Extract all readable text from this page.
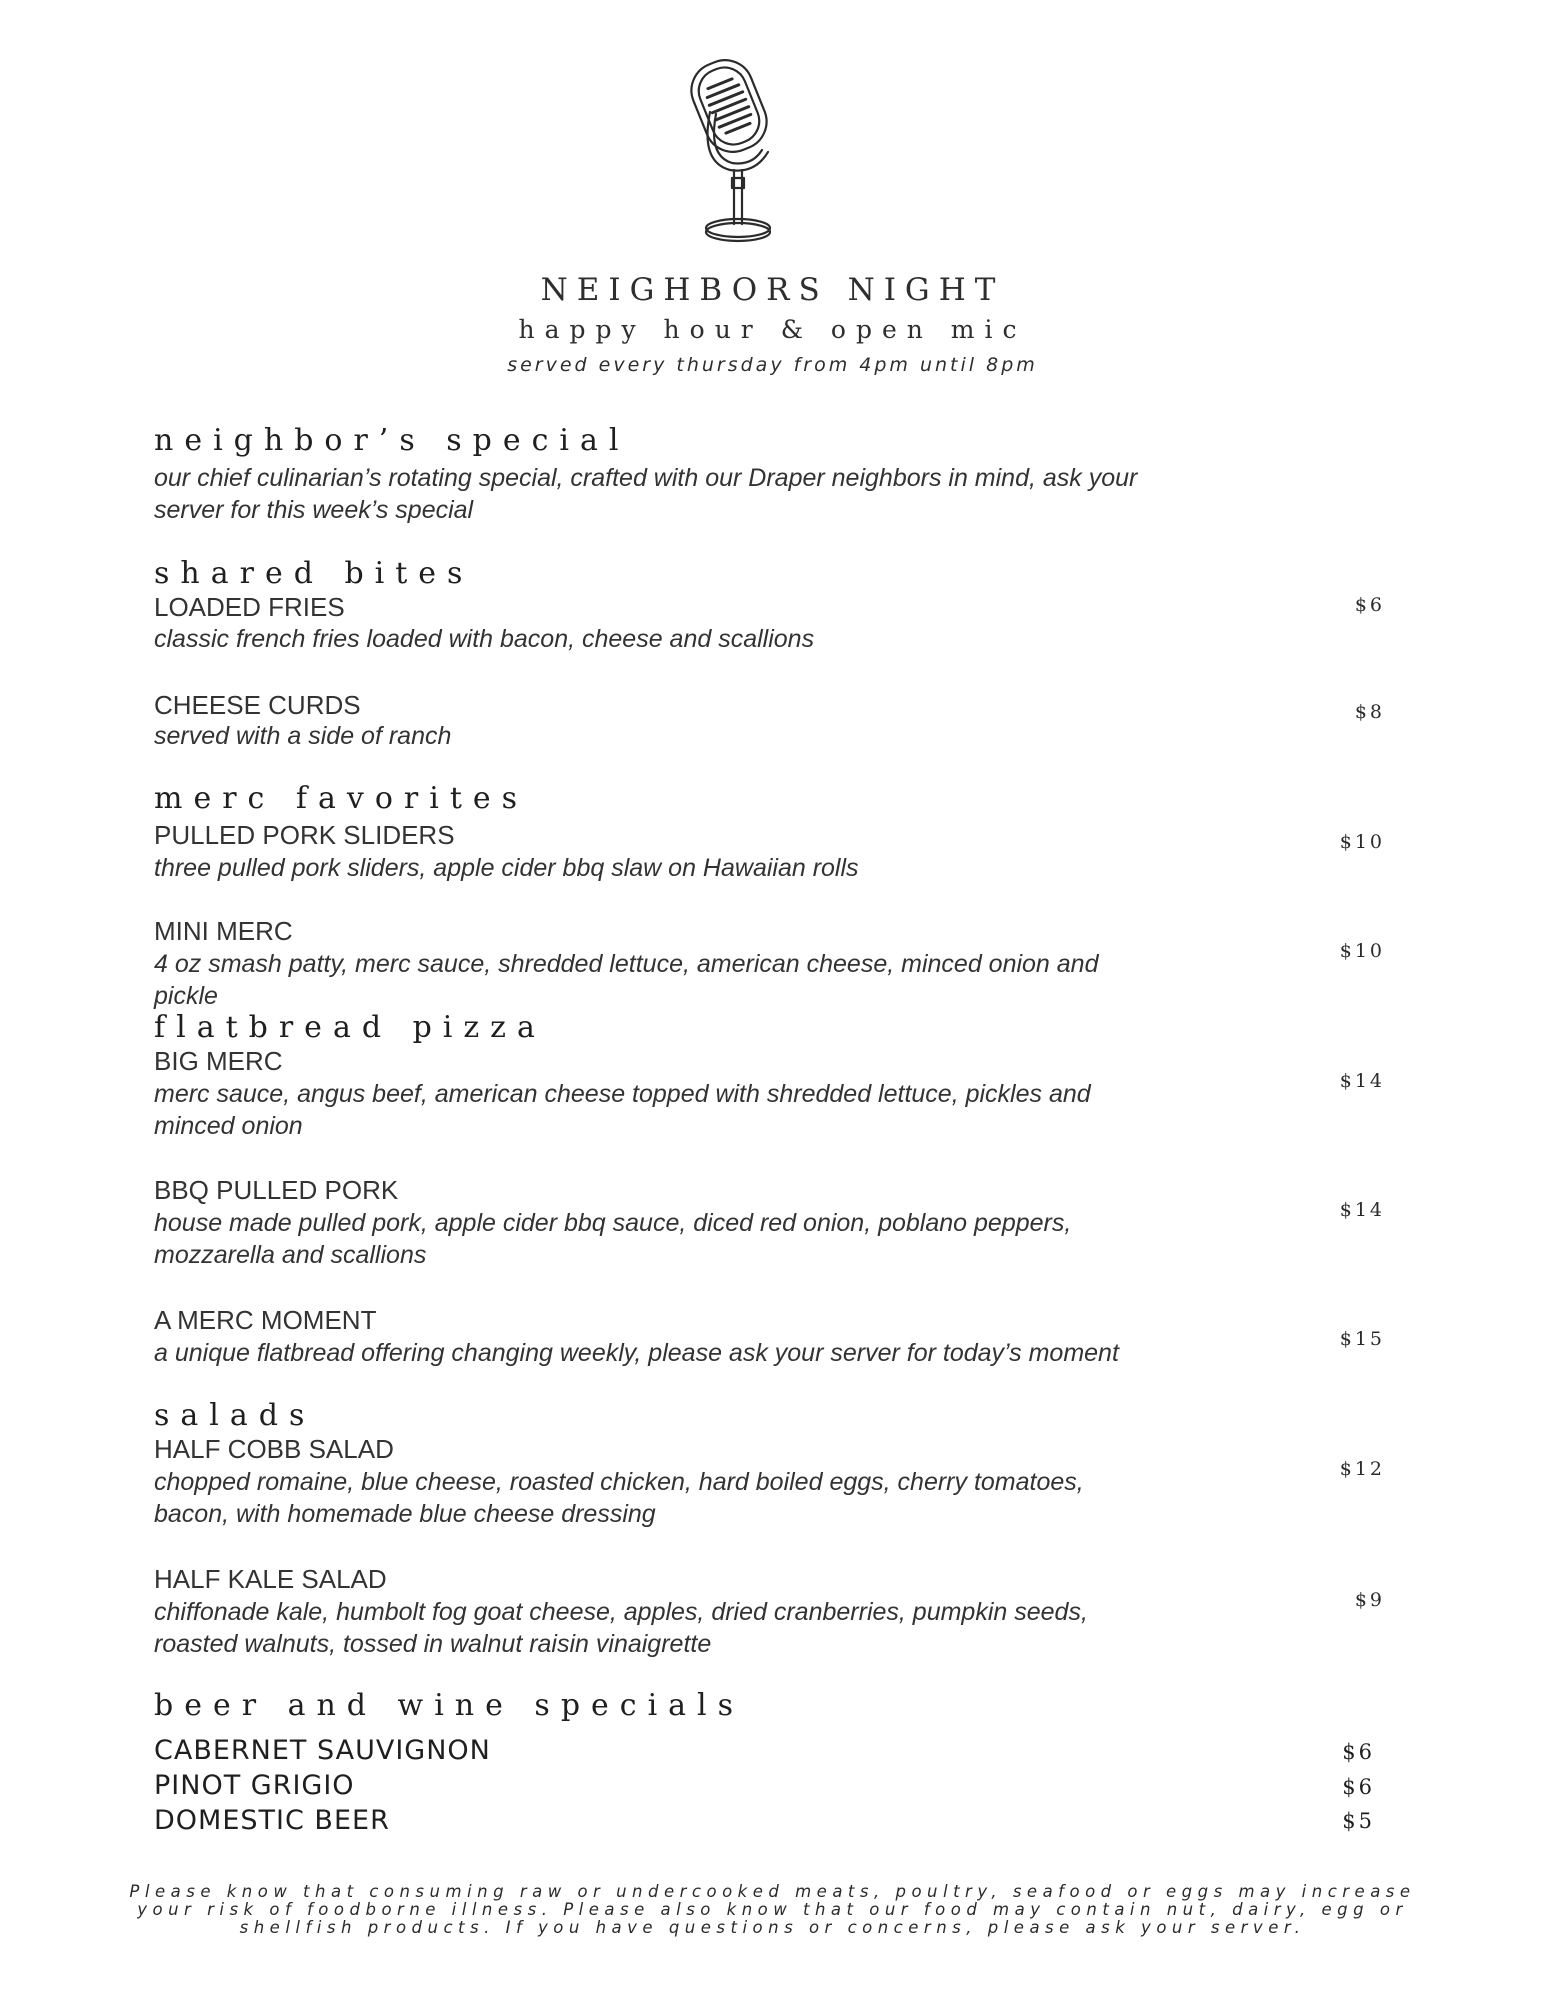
NEIGHBORS NIGHT
happy hour & open mic
served every thursday from 4pm until 8pm
neighbor’s special
our chief culinarian’s rotating special, crafted with our Draper neighbors in mind, ask your server for this week’s special
shared bites
LOADED FRIES
classic french fries loaded with bacon, cheese and scallions
$6
CHEESE CURDS
served with a side of ranch
$8
merc favorites
PULLED PORK SLIDERS
three pulled pork sliders, apple cider bbq slaw on Hawaiian rolls
$10
MINI MERC
4 oz smash patty, merc sauce, shredded lettuce, american cheese, minced onion and pickle
$10
flatbread pizza
BIG MERC
merc sauce, angus beef, american cheese topped with shredded lettuce, pickles and minced onion
$14
BBQ PULLED PORK
house made pulled pork, apple cider bbq sauce, diced red onion, poblano peppers, mozzarella and scallions
$14
A MERC MOMENT
a unique flatbread offering changing weekly, please ask your server for today’s moment	$15
salads
HALF COBB SALAD
chopped romaine, blue cheese, roasted chicken, hard boiled eggs, cherry tomatoes, bacon, with homemade blue cheese dressing
$12
HALF KALE SALAD
chiffonade kale, humbolt fog goat cheese, apples, dried cranberries, pumpkin seeds, roasted walnuts, tossed in walnut raisin vinaigrette
$9
beer and wine specials
CABERNET SAUVIGNON	$6
PINOT GRIGIO	$6
DOMESTIC BEER	$5
Please know that consuming raw or undercooked meats, poultry, seafood or eggs may increase your risk of foodborne illness. Please also know that our food may contain nut, dairy, egg or shellfish products. If you have questions or concerns, please ask your server.
